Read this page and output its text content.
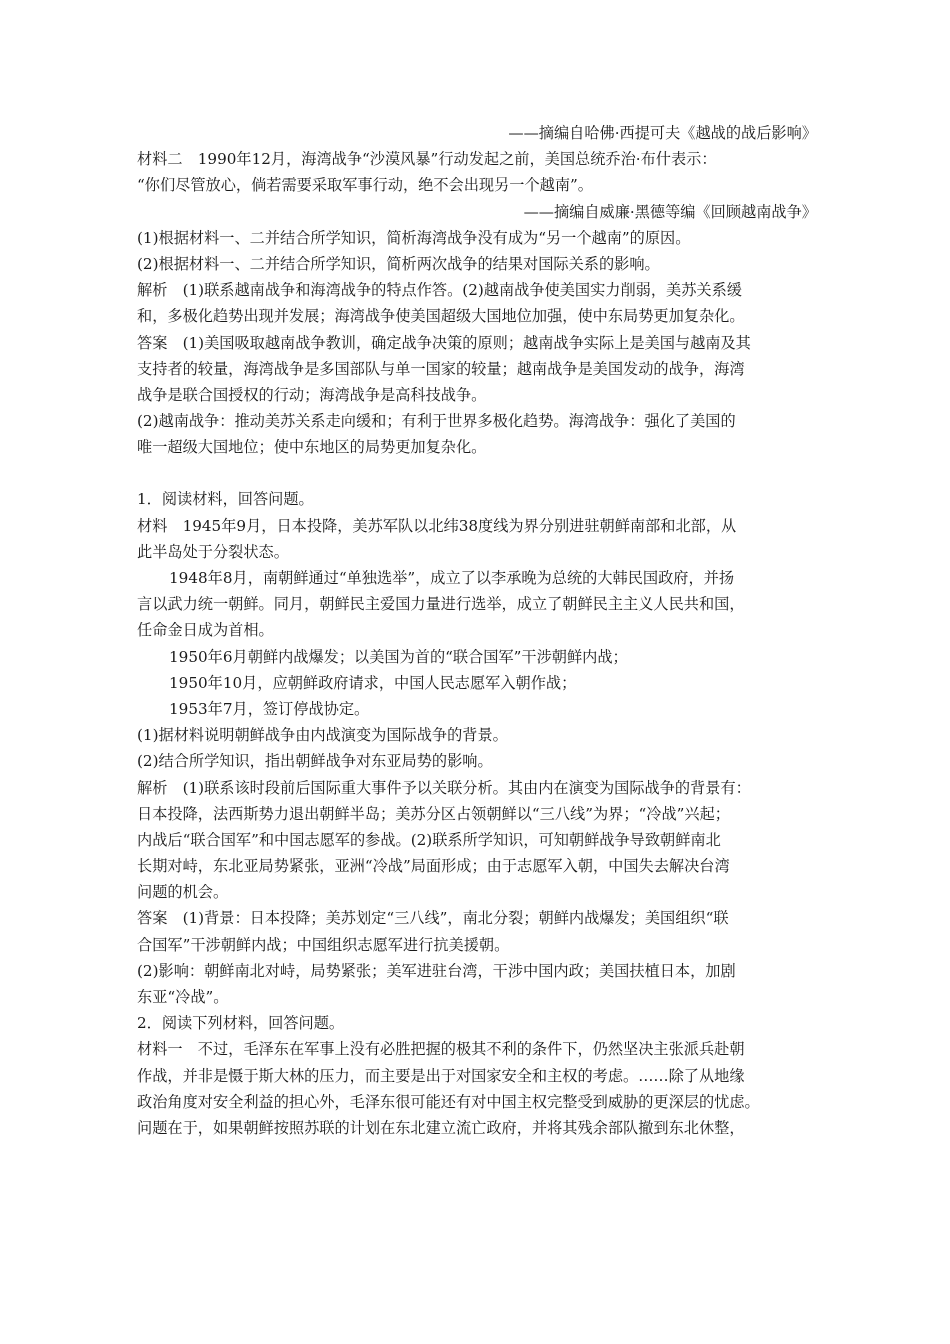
——摘编自哈佛·西提可夫《越战的战后影响》
材料二　1990年12月，海湾战争“沙漠风暴”行动发起之前，美国总统乔治·布什表示：
“你们尽管放心，倘若需要采取军事行动，绝不会出现另一个越南”。
——摘编自威廉·黑德等编《回顾越南战争》
(1)根据材料一、二并结合所学知识，简析海湾战争没有成为“另一个越南”的原因。
(2)根据材料一、二并结合所学知识，简析两次战争的结果对国际关系的影响。
解析　(1)联系越南战争和海湾战争的特点作答。(2)越南战争使美国实力削弱，美苏关系缓
和，多极化趋势出现并发展；海湾战争使美国超级大国地位加强，使中东局势更加复杂化。
答案　(1)美国吸取越南战争教训，确定战争决策的原则；越南战争实际上是美国与越南及其
支持者的较量，海湾战争是多国部队与单一国家的较量；越南战争是美国发动的战争，海湾
战争是联合国授权的行动；海湾战争是高科技战争。
(2)越南战争：推动美苏关系走向缓和；有利于世界多极化趋势。海湾战争：强化了美国的
唯一超级大国地位；使中东地区的局势更加复杂化。
1．阅读材料，回答问题。
材料　1945年9月，日本投降，美苏军队以北纬38度线为界分别进驻朝鲜南部和北部，从
此半岛处于分裂状态。
1948年8月，南朝鲜通过“单独选举”，成立了以李承晚为总统的大韩民国政府，并扬
言以武力统一朝鲜。同月，朝鲜民主爱国力量进行选举，成立了朝鲜民主主义人民共和国，
任命金日成为首相。
1950年6月朝鲜内战爆发；以美国为首的“联合国军”干涉朝鲜内战；
1950年10月，应朝鲜政府请求，中国人民志愿军入朝作战；
1953年7月，签订停战协定。
(1)据材料说明朝鲜战争由内战演变为国际战争的背景。
(2)结合所学知识，指出朝鲜战争对东亚局势的影响。
解析　(1)联系该时段前后国际重大事件予以关联分析。其由内在演变为国际战争的背景有：
日本投降，法西斯势力退出朝鲜半岛；美苏分区占领朝鲜以“三八线”为界；“冷战”兴起；
内战后“联合国军”和中国志愿军的参战。(2)联系所学知识，可知朝鲜战争导致朝鲜南北
长期对峙，东北亚局势紧张，亚洲“冷战”局面形成；由于志愿军入朝，中国失去解决台湾
问题的机会。
答案　(1)背景：日本投降；美苏划定“三八线”，南北分裂；朝鲜内战爆发；美国组织“联
合国军”干涉朝鲜内战；中国组织志愿军进行抗美援朝。
(2)影响：朝鲜南北对峙，局势紧张；美军进驻台湾，干涉中国内政；美国扶植日本，加剧
东亚“冷战”。
2．阅读下列材料，回答问题。
材料一　不过，毛泽东在军事上没有必胜把握的极其不利的条件下，仍然坚决主张派兵赴朝
作战，并非是慑于斯大林的压力，而主要是出于对国家安全和主权的考虑。……除了从地缘
政治角度对安全利益的担心外，毛泽东很可能还有对中国主权完整受到威胁的更深层的忧虑。
问题在于，如果朝鲜按照苏联的计划在东北建立流亡政府，并将其残余部队撤到东北休整，
